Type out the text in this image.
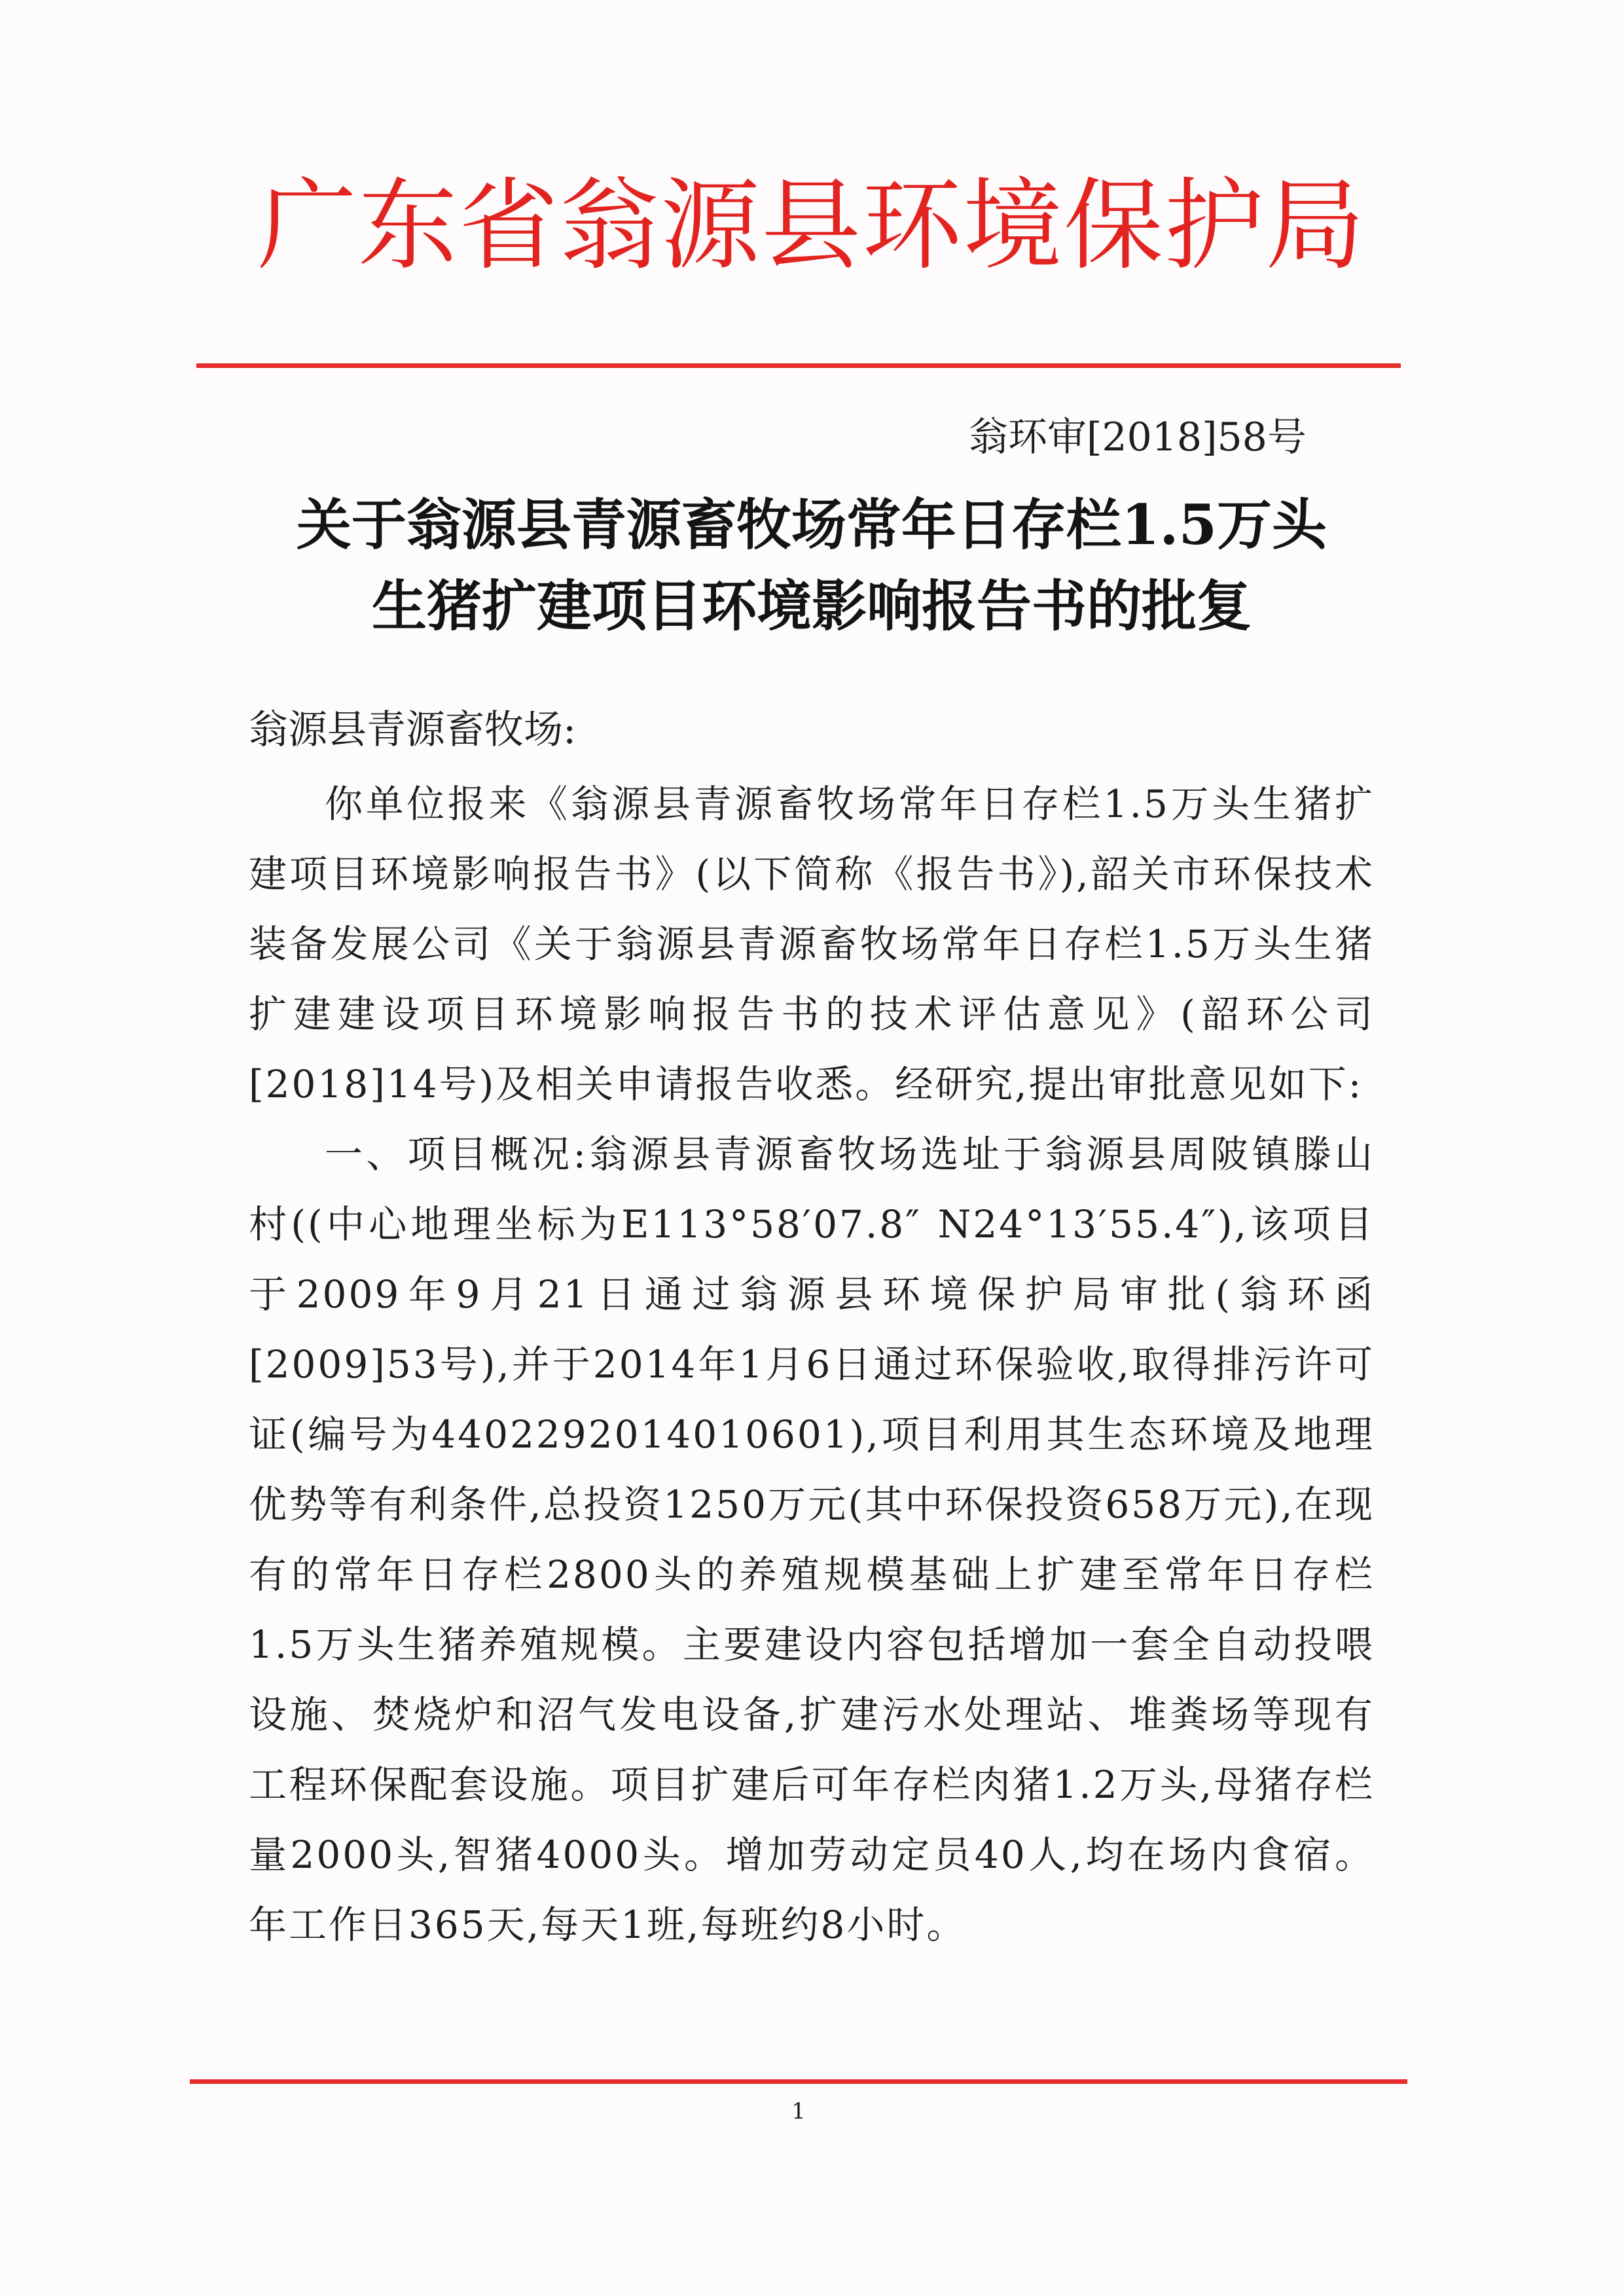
广东省翁源县环境保护局
翁环审[2018]58号
关于翁源县青源畜牧场常年日存栏1.5万头
生猪扩建项目环境影响报告书的批复
翁源县青源畜牧场:

你单位报来《翁源县青源畜牧场常年日存栏1.5万头生猪扩建项目环境影响报告书》(以下简称《报告书》),韶关市环保技术装备发展公司《关于翁源县青源畜牧场常年日存栏1.5万头生猪扩建建设项目环境影响报告书的技术评估意见》(韶环公司[2018]14号)及相关申请报告收悉。经研究,提出审批意见如下:

一、项目概况:翁源县青源畜牧场选址于翁源县周陂镇滕山村((中心地理坐标为E113°58′07.8″ N24°13′55.4″),该项目于2009年9月21日通过翁源县环境保护局审批(翁环函[2009]53号),并于2014年1月6日通过环保验收,取得排污许可证(编号为4402292014010601),项目利用其生态环境及地理优势等有利条件,总投资1250万元(其中环保投资658万元),在现有的常年日存栏2800头的养殖规模基础上扩建至常年日存栏1.5万头生猪养殖规模。主要建设内容包括增加一套全自动投喂设施、焚烧炉和沼气发电设备,扩建污水处理站、堆粪场等现有工程环保配套设施。项目扩建后可年存栏肉猪1.2万头,母猪存栏量2000头,智猪4000头。增加劳动定员40人,均在场内食宿。年工作日365天,每天1班,每班约8小时。

1
